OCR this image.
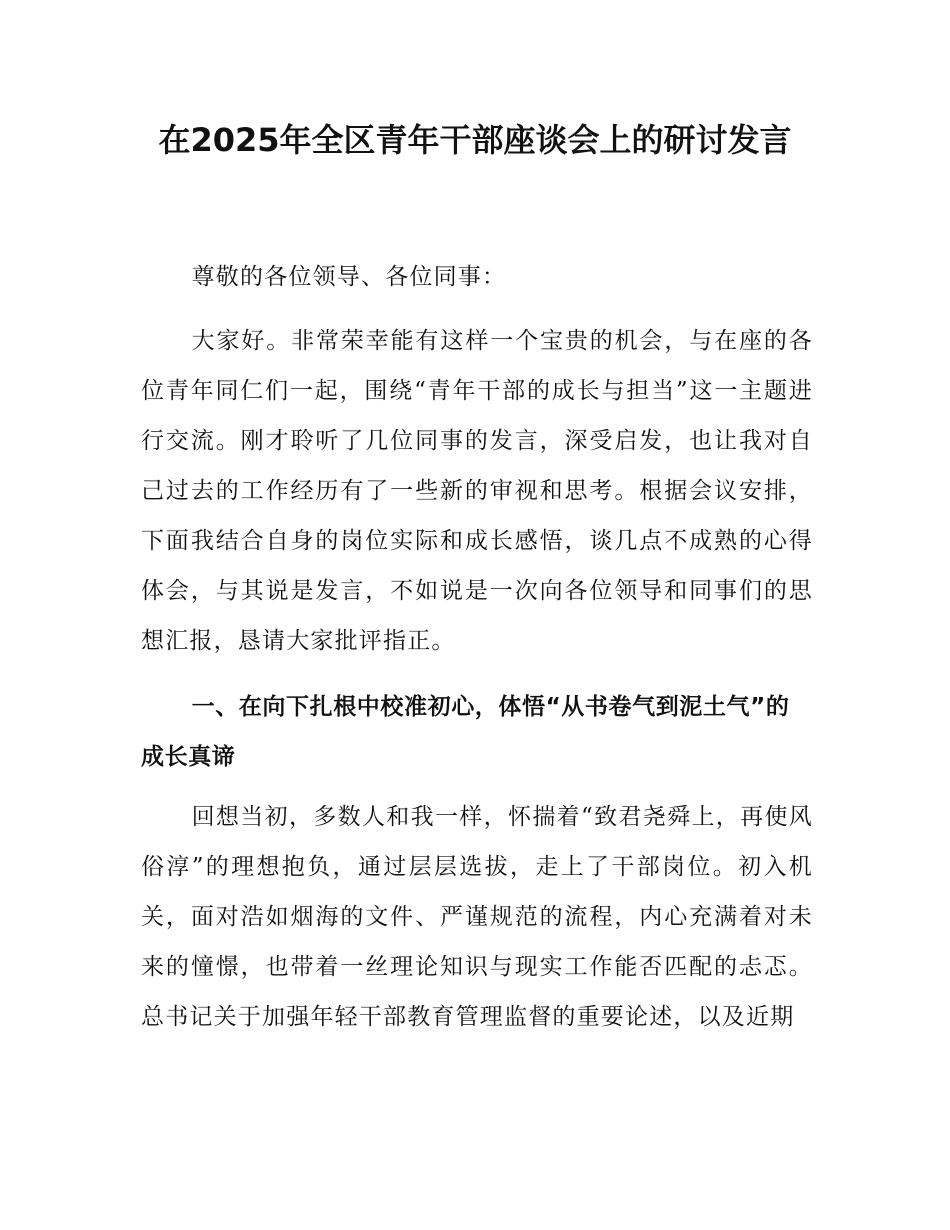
在2025年全区青年干部座谈会上的研讨发言

尊敬的各位领导、各位同事：

大家好。非常荣幸能有这样一个宝贵的机会，与在座的各位青年同仁们一起，围绕“青年干部的成长与担当”这一主题进行交流。刚才聆听了几位同事的发言，深受启发，也让我对自己过去的工作经历有了一些新的审视和思考。根据会议安排，下面我结合自身的岗位实际和成长感悟，谈几点不成熟的心得体会，与其说是发言，不如说是一次向各位领导和同事们的思想汇报，恳请大家批评指正。

一、在向下扎根中校准初心，体悟“从书卷气到泥土气”的成长真谛

回想当初，多数人和我一样，怀揣着“致君尧舜上，再使风俗淳”的理想抱负，通过层层选拔，走上了干部岗位。初入机关，面对浩如烟海的文件、严谨规范的流程，内心充满着对未来的憧憬，也带着一丝理论知识与现实工作能否匹配的忐忑。总书记关于加强年轻干部教育管理监督的重要论述，以及近期
